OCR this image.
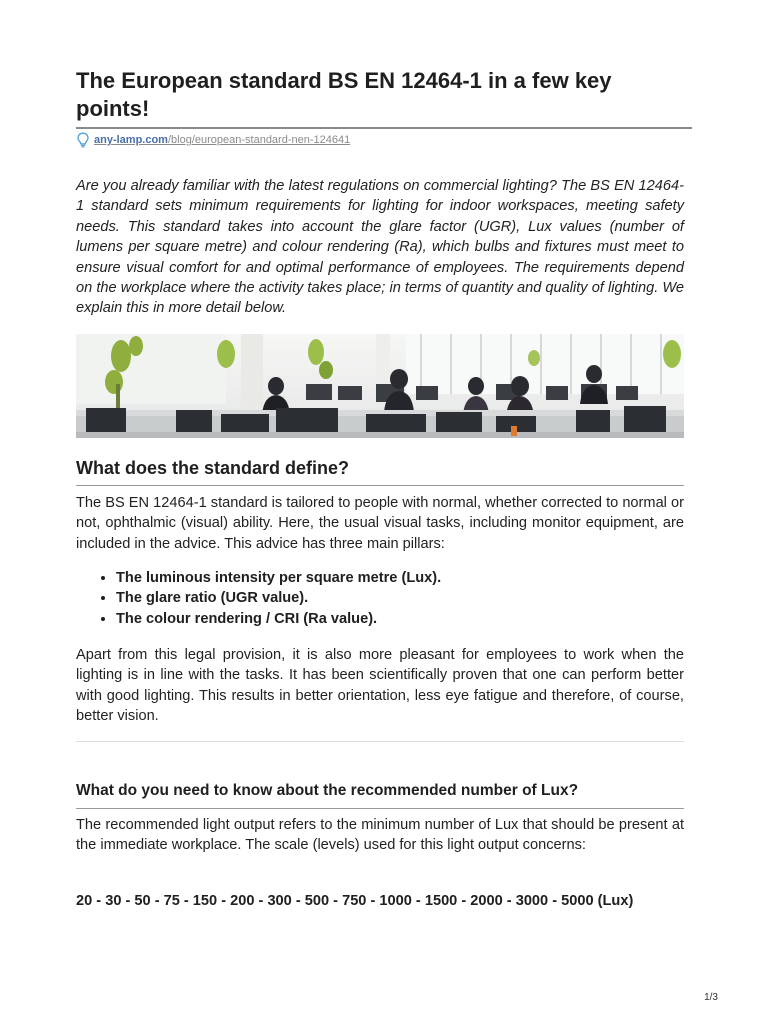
The European standard BS EN 12464-1 in a few key points!
any-lamp.com/blog/european-standard-nen-124641

Are you already familiar with the latest regulations on commercial lighting? The BS EN 12464-1 standard sets minimum requirements for lighting for indoor workspaces, meeting safety needs. This standard takes into account the glare factor (UGR), Lux values (number of lumens per square metre) and colour rendering (Ra), which bulbs and fixtures must meet to ensure visual comfort for and optimal performance of employees. The requirements depend on the workplace where the activity takes place; in terms of quantity and quality of lighting. We explain this in more detail below.

What does the standard define?

The BS EN 12464-1 standard is tailored to people with normal, whether corrected to normal or not, ophthalmic (visual) ability. Here, the usual visual tasks, including monitor equipment, are included in the advice. This advice has three main pillars:

• The luminous intensity per square metre (Lux).
• The glare ratio (UGR value).
• The colour rendering / CRI (Ra value).

Apart from this legal provision, it is also more pleasant for employees to work when the lighting is in line with the tasks. It has been scientifically proven that one can perform better with good lighting. This results in better orientation, less eye fatigue and therefore, of course, better vision.

What do you need to know about the recommended number of Lux?

The recommended light output refers to the minimum number of Lux that should be present at the immediate workplace. The scale (levels) used for this light output concerns:

20 - 30 - 50 - 75 - 150 - 200 - 300 - 500 - 750 - 1000 - 1500 - 2000 - 3000 - 5000 (Lux)
1/3
